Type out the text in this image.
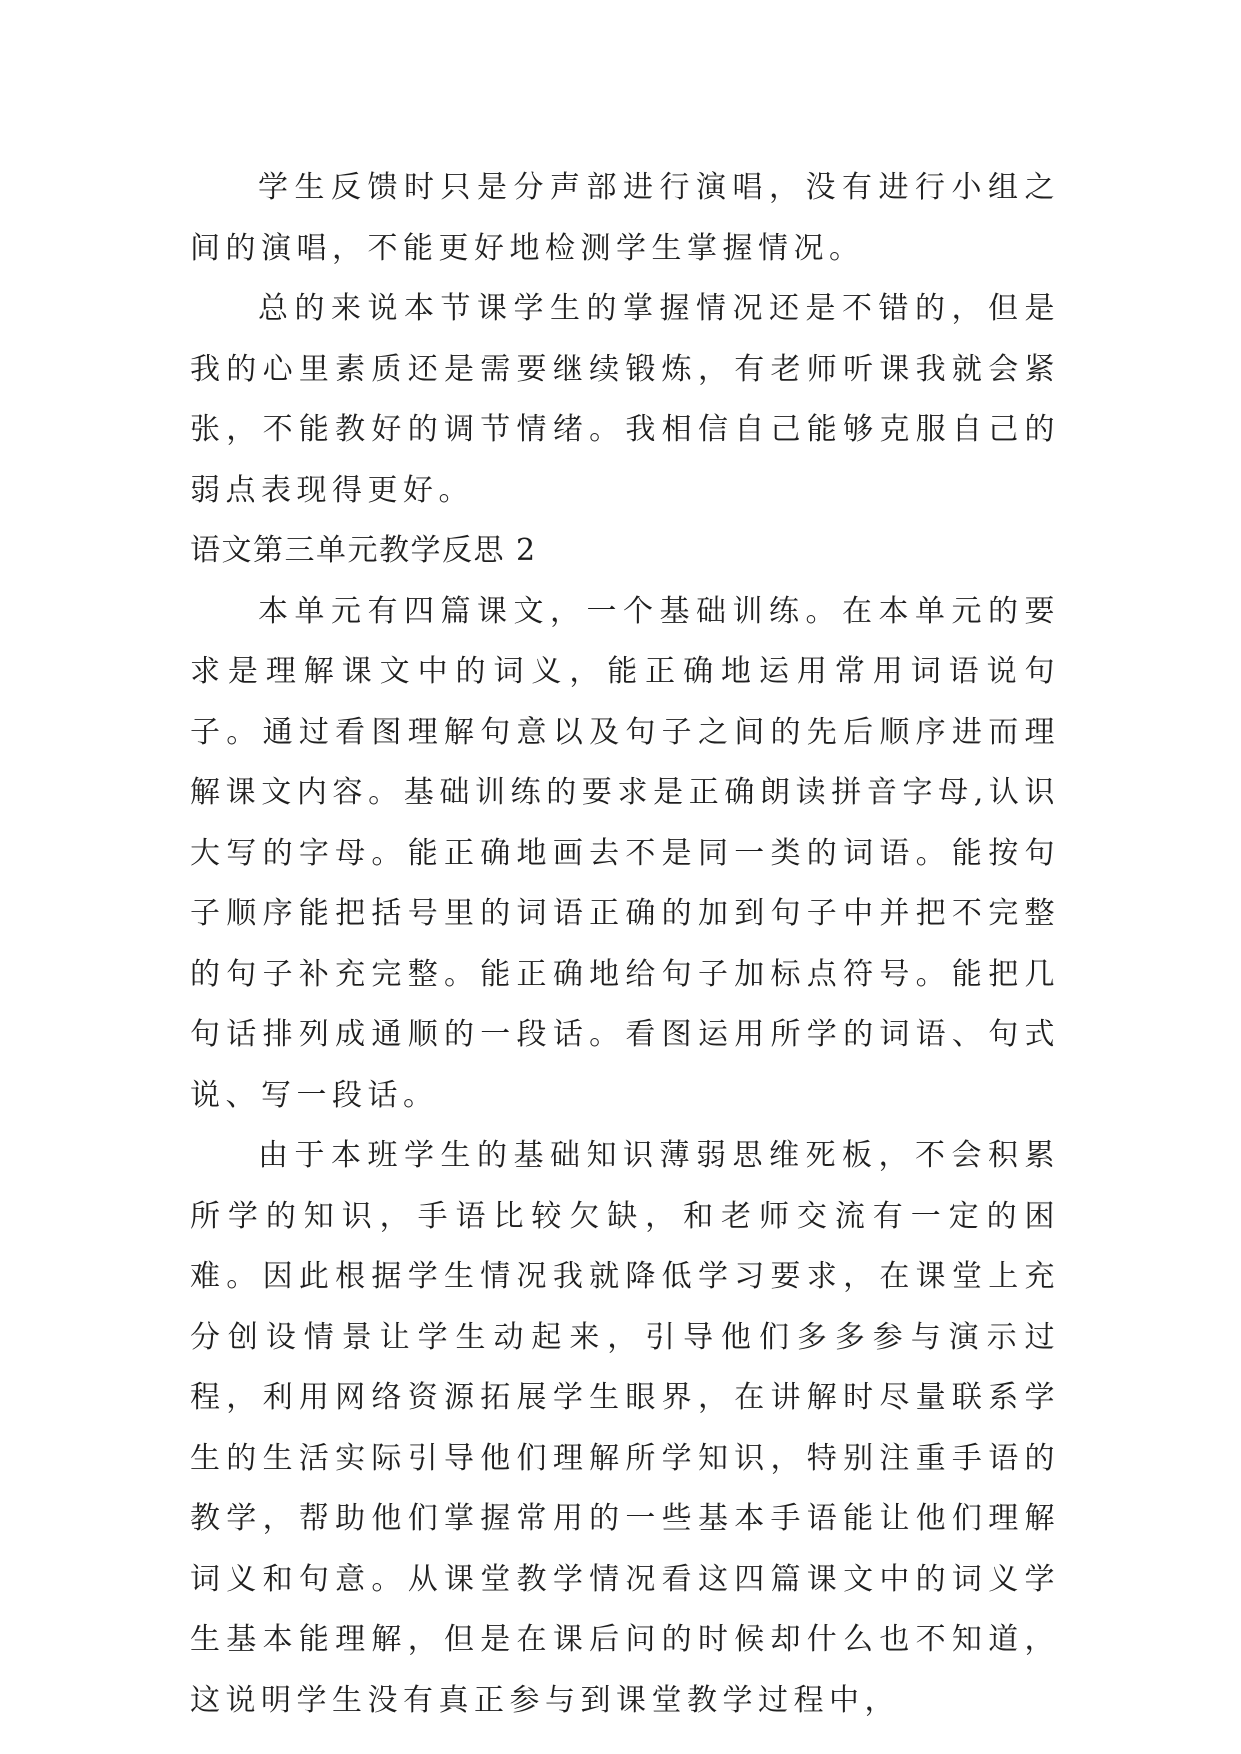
学生反馈时只是分声部进行演唱，没有进行小组之间的演唱，不能更好地检测学生掌握情况。

总的来说本节课学生的掌握情况还是不错的，但是我的心里素质还是需要继续锻炼，有老师听课我就会紧张，不能教好的调节情绪。我相信自己能够克服自己的弱点表现得更好。

语文第三单元教学反思 2

本单元有四篇课文，一个基础训练。在本单元的要求是理解课文中的词义，能正确地运用常用词语说句子。通过看图理解句意以及句子之间的先后顺序进而理解课文内容。基础训练的要求是正确朗读拼音字母,认识大写的字母。能正确地画去不是同一类的词语。能按句子顺序能把括号里的词语正确的加到句子中并把不完整的句子补充完整。能正确地给句子加标点符号。能把几句话排列成通顺的一段话。看图运用所学的词语、句式说、写一段话。

由于本班学生的基础知识薄弱思维死板，不会积累所学的知识，手语比较欠缺，和老师交流有一定的困难。因此根据学生情况我就降低学习要求，在课堂上充分创设情景让学生动起来，引导他们多多参与演示过程，利用网络资源拓展学生眼界，在讲解时尽量联系学生的生活实际引导他们理解所学知识，特别注重手语的教学，帮助他们掌握常用的一些基本手语能让他们理解词义和句意。从课堂教学情况看这四篇课文中的词义学生基本能理解，但是在课后问的时候却什么也不知道，这说明学生没有真正参与到课堂教学过程中，
